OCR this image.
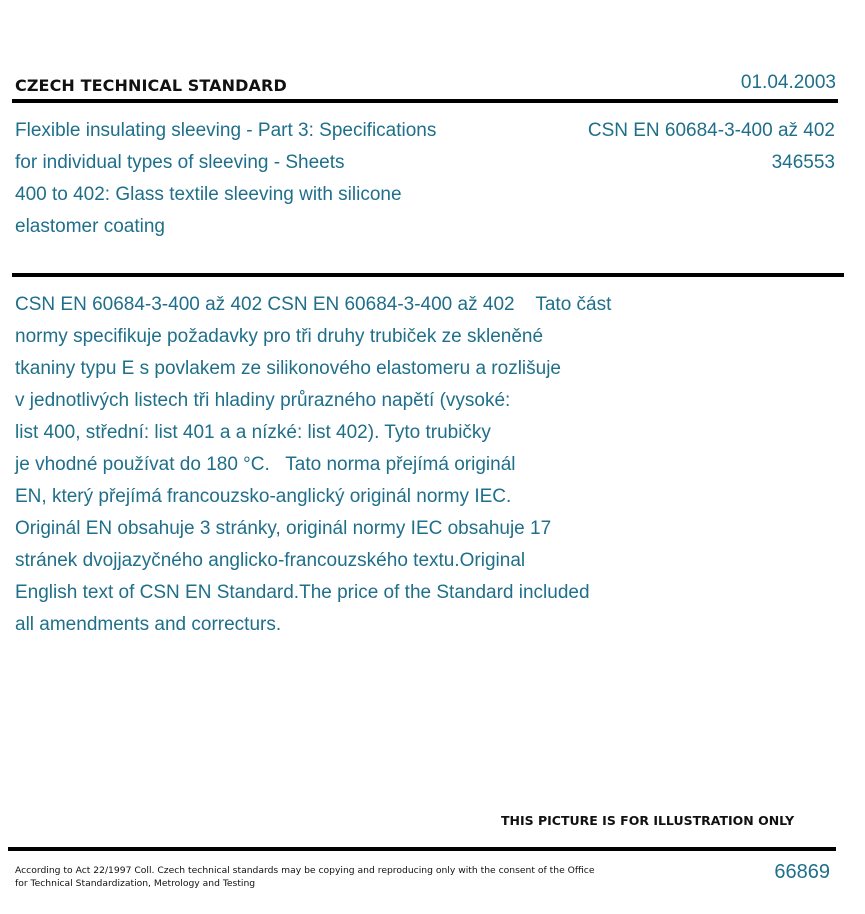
CZECH TECHNICAL STANDARD	01.04.2003
Flexible insulating sleeving - Part 3: Specifications
for individual types of sleeving - Sheets
400 to 402: Glass textile sleeving with silicone
elastomer coating
CSN EN 60684-3-400 až 402
346553
CSN EN 60684-3-400 až 402 CSN EN 60684-3-400 až 402    Tato část
normy specifikuje požadavky pro tři druhy trubiček ze skleněné
tkaniny typu E s povlakem ze silikonového elastomeru a rozlišuje
v jednotlivých listech tři hladiny průrazného napětí (vysoké:
list 400, střední: list 401 a a nízké: list 402). Tyto trubičky
je vhodné používat do 180 °C.   Tato norma přejímá originál
EN, který přejímá francouzsko-anglický originál normy IEC.
Originál EN obsahuje 3 stránky, originál normy IEC obsahuje 17
stránek dvojjazyčného anglicko-francouzského textu.Original
English text of CSN EN Standard.The price of the Standard included
all amendments and correcturs.
THIS PICTURE IS FOR ILLUSTRATION ONLY
According to Act 22/1997 Coll. Czech technical standards may be copying and reproducing only with the consent of the Office
for Technical Standardization, Metrology and Testing
66869
